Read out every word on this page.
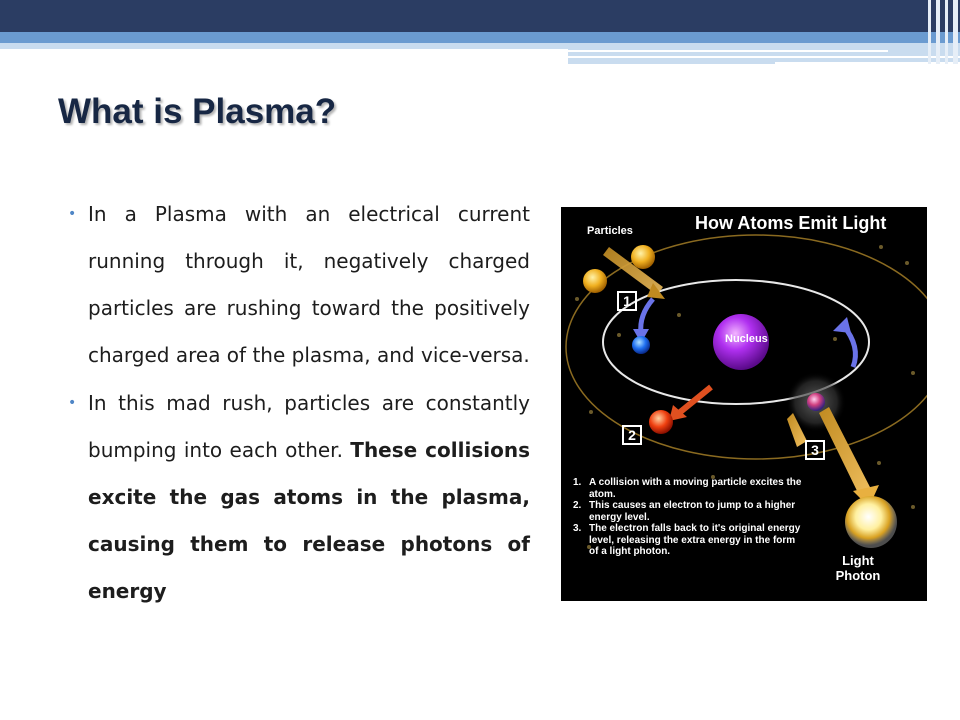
What is Plasma?
• In a Plasma with an electrical current running through it, negatively charged particles are rushing toward the positively charged area of the plasma, and vice-versa.
• In this mad rush, particles are constantly bumping into each other. These collisions excite the gas atoms in the plasma, causing them to release photons of energy
How Atoms Emit Light
Particles
Nucleus
1
2
3
1. A collision with a moving particle excites the atom.
2. This causes an electron to jump to a higher energy level.
3. The electron falls back to it's original energy level, releasing the extra energy in the form of a light photon.
Light
Photon
